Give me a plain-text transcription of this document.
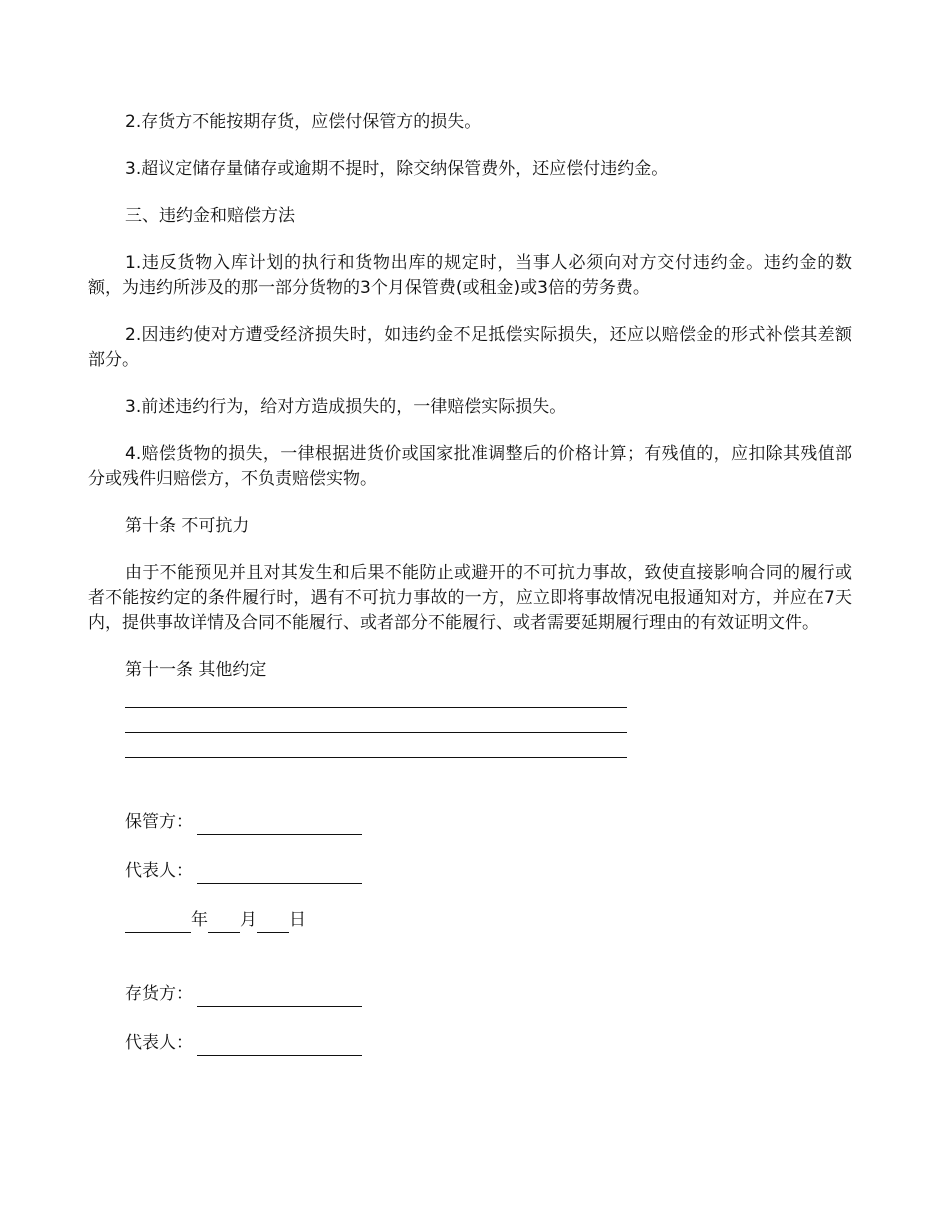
2.存货方不能按期存货，应偿付保管方的损失。

3.超议定储存量储存或逾期不提时，除交纳保管费外，还应偿付违约金。

三、违约金和赔偿方法

1.违反货物入库计划的执行和货物出库的规定时，当事人必须向对方交付违约金。违约金的数额，为违约所涉及的那一部分货物的3个月保管费(或租金)或3倍的劳务费。

2.因违约使对方遭受经济损失时，如违约金不足抵偿实际损失，还应以赔偿金的形式补偿其差额部分。

3.前述违约行为，给对方造成损失的，一律赔偿实际损失。

4.赔偿货物的损失，一律根据进货价或国家批准调整后的价格计算；有残值的，应扣除其残值部分或残件归赔偿方，不负责赔偿实物。

第十条 不可抗力

由于不能预见并且对其发生和后果不能防止或避开的不可抗力事故，致使直接影响合同的履行或者不能按约定的条件履行时，遇有不可抗力事故的一方，应立即将事故情况电报通知对方，并应在7天内，提供事故详情及合同不能履行、或者部分不能履行、或者需要延期履行理由的有效证明文件。

第十一条 其他约定

保管方：
代表人：
年 月 日
存货方：
代表人：
